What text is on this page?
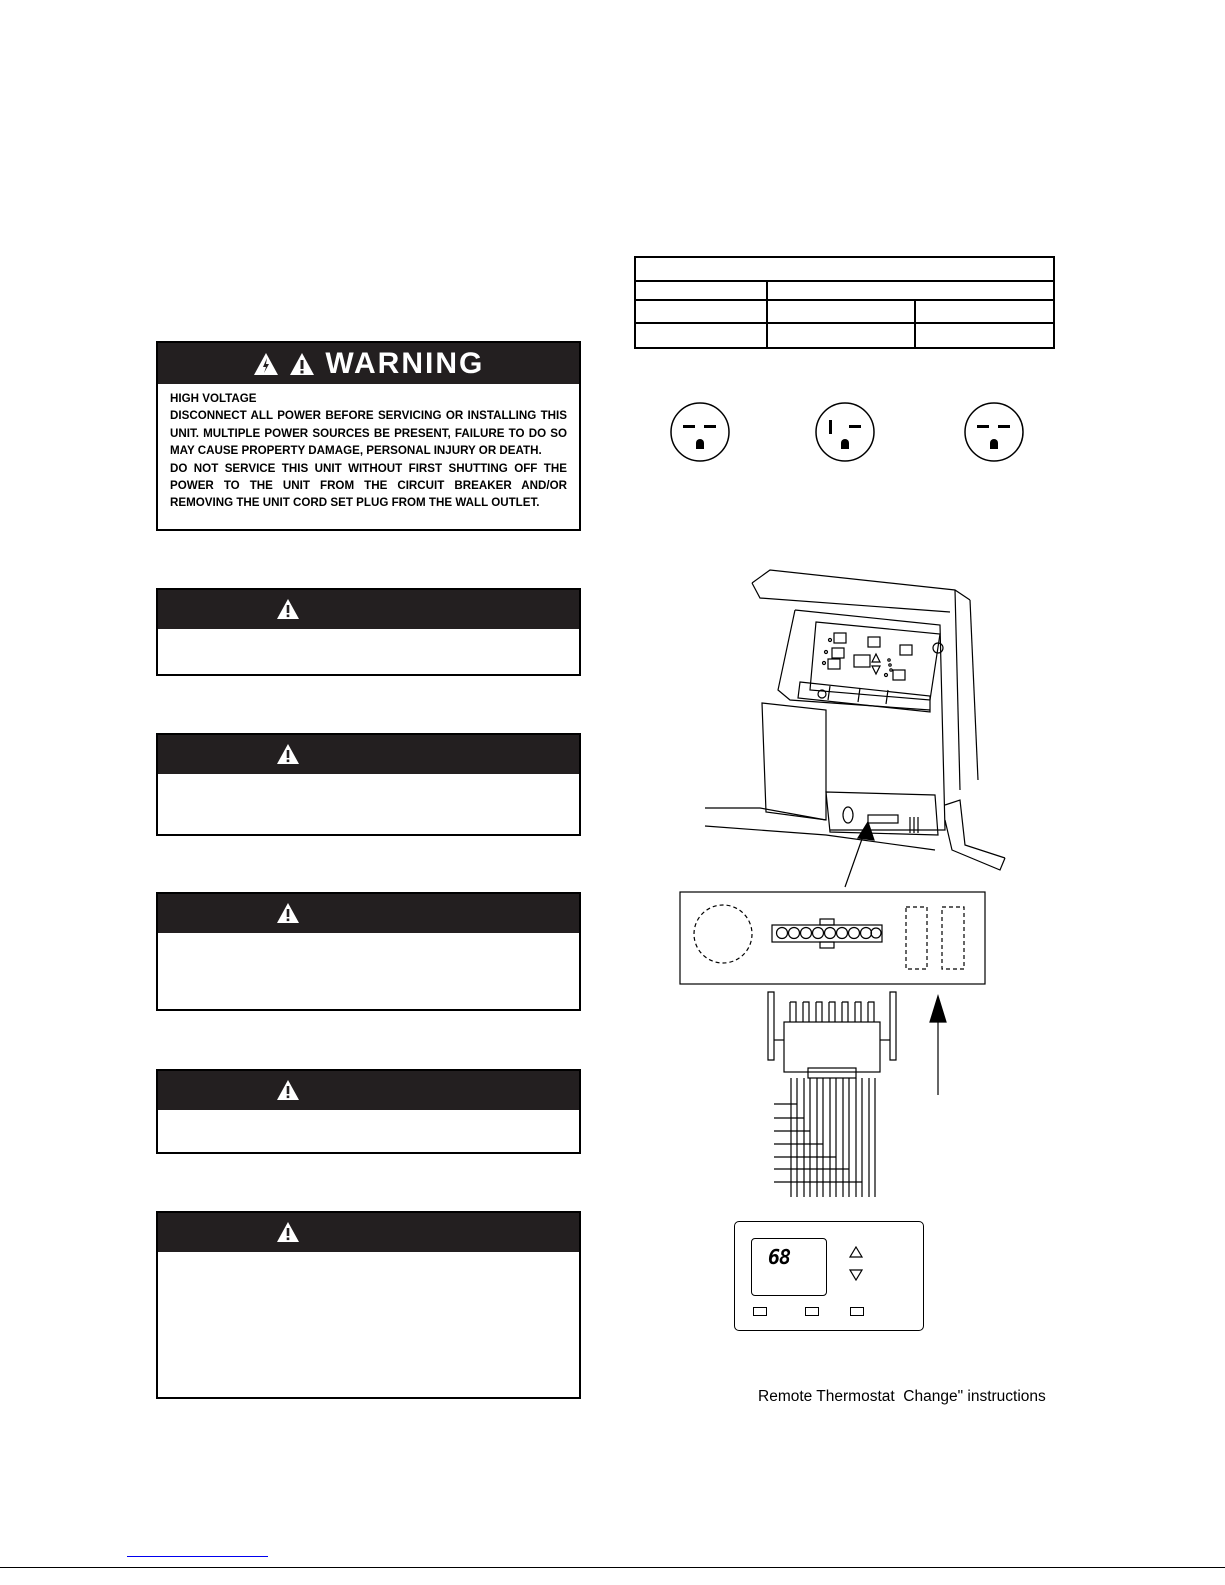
WARNING

HIGH VOLTAGE

DISCONNECT ALL POWER BEFORE SERVICING OR INSTALLING THIS UNIT. MULTIPLE POWER SOURCES BE PRESENT, FAILURE TO DO SO MAY CAUSE PROPERTY DAMAGE, PERSONAL INJURY OR DEATH.

DO NOT SERVICE THIS UNIT WITHOUT FIRST SHUTTING OFF THE POWER TO THE UNIT FROM THE CIRCUIT BREAKER AND/OR REMOVING THE UNIT CORD SET PLUG FROM THE WALL OUTLET.

68
Remote Thermostat  Change" instructions
